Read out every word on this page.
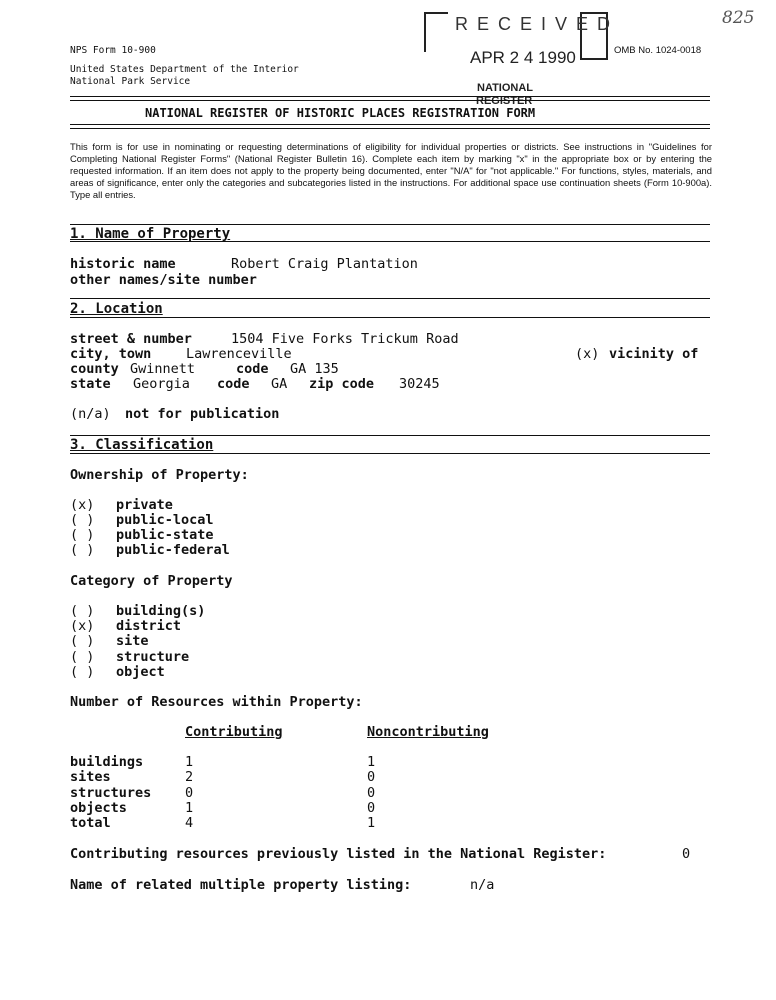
NPS Form 10-900
United States Department of the Interior
National Park Service
OMB No. 1024-0018
R E C E I V E D
APR 2 4 1990
NATIONAL
REGISTER
825
NATIONAL REGISTER OF HISTORIC PLACES REGISTRATION FORM
This form is for use in nominating or requesting determinations of eligibility for individual properties or districts. See instructions in "Guidelines for Completing National Register Forms" (National Register Bulletin 16). Complete each item by marking "x" in the appropriate box or by entering the requested information. If an item does not apply to the property being documented, enter "N/A" for "not applicable." For functions, styles, materials, and areas of significance, enter only the categories and subcategories listed in the instructions. For additional space use continuation sheets (Form 10-900a). Type all entries.
1. Name of Property
historic name	Robert Craig Plantation
other names/site number
2. Location
street & number	1504 Five Forks Trickum Road
city, town	Lawrenceville	(x) vicinity of
county Gwinnett	code GA 135
state Georgia code GA zip code 30245
(n/a) not for publication
3. Classification
Ownership of Property:
(x) private
( ) public-local
( ) public-state
( ) public-federal
Category of Property
( ) building(s)
(x) district
( ) site
( ) structure
( ) object
Number of Resources within Property:
Contributing	Noncontributing
buildings	1	1
sites	2	0
structures 0	0
objects	1	0
total	4	1
Contributing resources previously listed in the National Register:	0
Name of related multiple property listing:	n/a
